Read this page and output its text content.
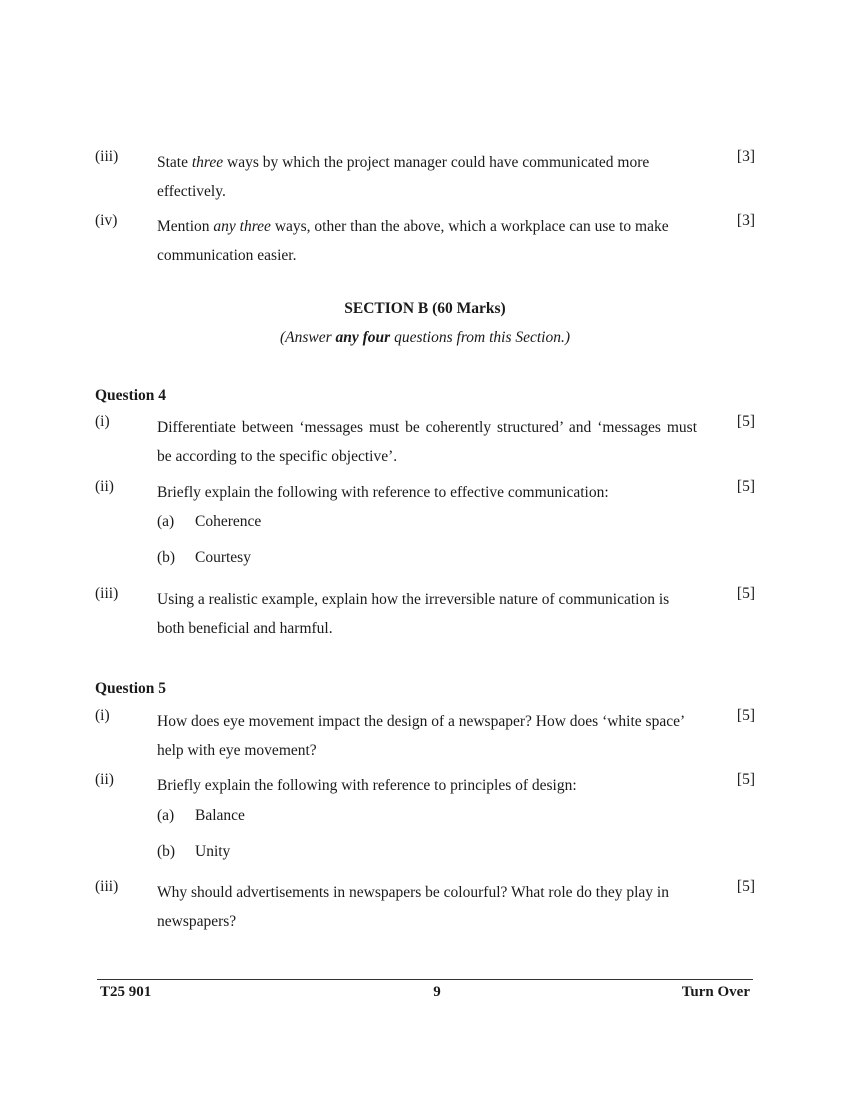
(iii)	State three ways by which the project manager could have communicated more effectively.
[3]
(iv)	Mention any three ways, other than the above, which a workplace can use to make communication easier.
[3]
SECTION B (60 Marks)
(Answer any four questions from this Section.)
Question 4
(i)	Differentiate between ‘messages must be coherently structured’ and ‘messages must be according to the specific objective’.
[5]
(ii)	Briefly explain the following with reference to effective communication:	[5]
(a) Coherence
(b) Courtesy
(iii)	Using a realistic example, explain how the irreversible nature of communication is both beneficial and harmful.
[5]
Question 5
(i)	How does eye movement impact the design of a newspaper? How does ‘white space’ help with eye movement?
[5]
(ii)	Briefly explain the following with reference to principles of design:	[5]
(a) Balance
(b) Unity
(iii)	Why should advertisements in newspapers be colourful? What role do they play in newspapers?
[5]
T25 901	9	Turn Over
